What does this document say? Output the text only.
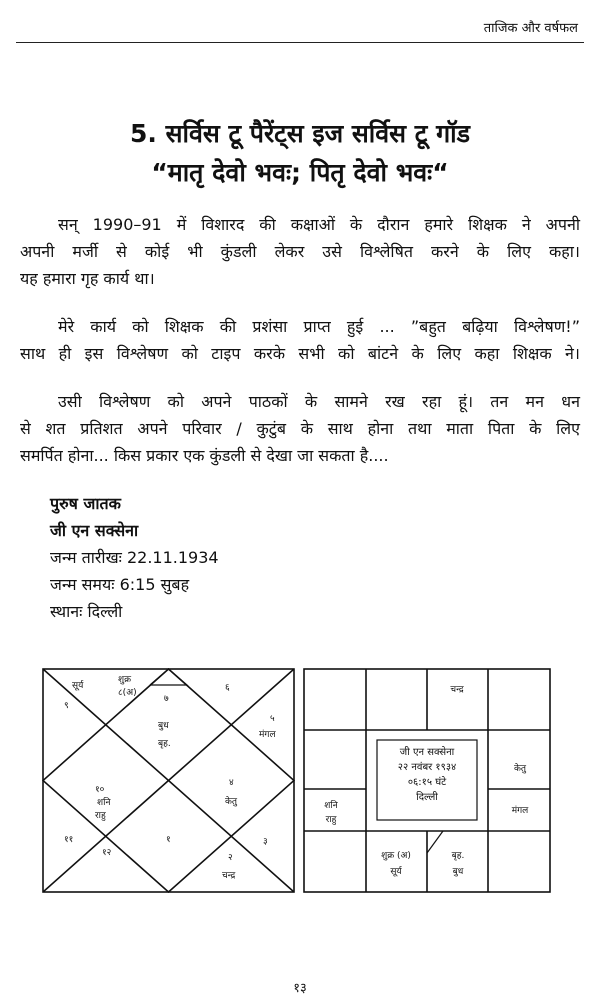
ताजिक और वर्षफल
5. सर्विस टू पैरेंट्स इज सर्विस टू गॉड
“मातृ देवो भवः; पितृ देवो भवः“
सन् 1990–91 में विशारद की कक्षाओं के दौरान हमारे शिक्षक ने अपनी
अपनी मर्जी से कोई भी कुंडली लेकर उसे विश्लेषित करने के लिए कहा।
यह हमारा गृह कार्य था।
मेरे कार्य को शिक्षक की प्रशंसा प्राप्त हुई ... ”बहुत बढ़िया विश्लेषण!”
साथ ही इस विश्लेषण को टाइप करके सभी को बांटने के लिए कहा शिक्षक ने।
उसी विश्लेषण को अपने पाठकों के सामने रख रहा हूं। तन मन धन
से शत प्रतिशत अपने परिवार / कुटुंब के साथ होना तथा माता पिता के लिए
समर्पित होना... किस प्रकार एक कुंडली से देखा जा सकता है....
पुरुष जातक
जी एन सक्सेना
जन्म तारीखः 22.11.1934
जन्म समयः 6:15 सुबह
स्थानः दिल्ली
सूर्य
शुक्र
८(अ)
९
७
६
बुध
बृह.
५
मंगल
१०
शनि
राहु
४
केतु
११	१	३
१२	२
चन्द्र
चन्द्र
जी एन सक्सेना
२२ नवंबर १९३४
०६:१५ घंटे
दिल्ली
केतु
मंगल
शनि
राहु
शुक्र (अ)
सूर्य
बृह.
बुध
१३
